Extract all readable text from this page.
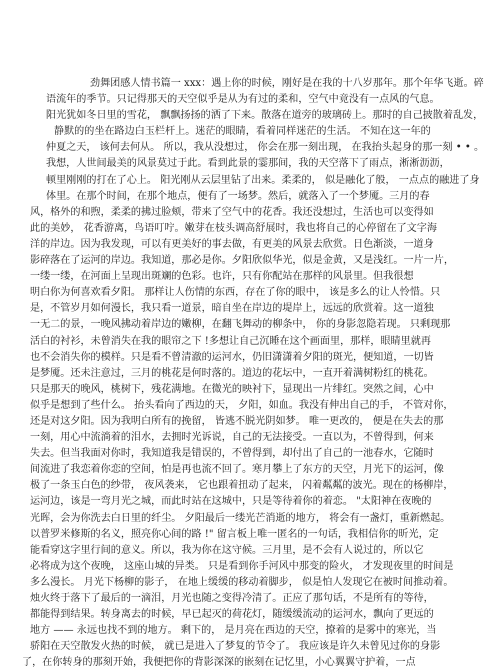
劲舞团感人情书篇一 xxx：遇上你的时候，刚好是在我的十八岁那年。那个年华飞逝。碎
语流年的季节。只记得那天的天空似乎是从为有过的柔和，空气中竟没有一点风的气息。
阳光犹如冬日里的雪花， 飘飘扬扬的洒了下来。散落在道旁的玻璃砖上。那时的自己披散着乱发，
静默的的坐在路边白玉栏杆上。迷茫的眼睛，看着同样迷茫的生活。 不知在这一年的
仲夏之天， 该何去何从。 所以，我从没想过， 你会在那一刻出现， 在我抬头起身的那一刻 • • 。
我想，人世间最美的风景莫过于此。看到此景的霎那间，我的天空落下了雨点，淅淅沥沥，
顿里刚刚的打在了心上。 阳光刚从云层里钻了出来。柔柔的， 似是融化了般， 一点点的融进了身
体里。在那个时间，在那个地点，便有了一场梦。然后，就落入了一个梦魇。三月的春
风，格外的和煦，柔柔的拂过脸颊，带来了空气中的花香。我还没想过，生活也可以变得如
此的美妙， 花香游离，鸟语叮咛。嫩芽在枝头调高舒展时，我也将自己的心停留在了文字海
洋的岸边。因为我发现，可以有更美好的事去做，有更美的风景去欣赏。日色渐淡，一道身
影碎落在了运河的岸边。我知道，那必是你。夕阳欣似华光，似是金黄，又是浅红。一片一片，
一缕一缕，在河面上呈现出斑斓的色彩。也许，只有你配站在那样的风景里。但我很想
明白你为何喜欢看夕阳。 那样让人伤情的东西，存在了你的眼中， 该是多么的让人怜惜。只
是，不管岁月如何漫长，我只看一道景，暗自坐在岸边的堤岸上，远远的欣赏着。这一道独
一无二的景，一晚风拂动着岸边的嫩柳，在翻飞舞动的柳条中， 你的身影忽隐若现。 只剩现那
活白的衬衫，未曾消失在我的眼帘之下 !多想让自己沉睡在这个画面里，那样，眼睛里就再
也不会消失你的模样。只是看不曾清澈的运河水，仍旧潇潇着夕阳的斑光，便知道，一切皆
是梦魇。还未注意过，三月的桃花是何时落的。道边的花坛中，一直开着满树粉红的桃花。
只是那天的晚风，桃树下，残花满地。在微光的映衬下，显现出一片绯红。突然之间，心中
似乎是想到了些什么。 抬头看向了西边的天， 夕阳，如血。我没有伸出自己的手， 不管对你，
还是对这夕阳。因为我明白所有的挽留， 皆逃不脱光阴如梦。 唯一更改的， 便是在失去的那
一刻，用心中流淌着的泪水，去拥时光诉说，自己的无法接受。一直以为，不曾得到，何来
失去。但当我面对你时，我知道我是错误的，不曾得到，却付出了自己的一池春水，它随时
间流进了我恋着你恋的空间，怕是再也流不回了。寒月攀上了东方的天空，月光下的运河，像
极了一条玉白色的纱带， 夜风袭来， 它也跟着扭动了起来， 闪着粼粼的波光。现在的杨柳岸，
运河边，该是一弯月光之城，而此时站在这城中，只是等待着你的着恋。 "太阳神在夜晚的
光晖，会为你洗去白日里的纤尘。 夕阳最后一缕光芒消逝的地方， 将会有一盏灯，重新燃起。
以普罗米修斯的名义，照亮你心间的路 !" 留言板上唯一匿名的一句话，我相信你的昕光，定
能看穿这字里行间的意义。所以，我为你在这守候。三月里，是不会有人说过的，所以它
必将成为这个夜晚， 这座山城的异类。 只是看到你手河风中那变的险火， 才发现夜里的时间是
多么漫长。 月光下杨柳的影子， 在地上缓缓的移动着脚步， 似是怕人发现它在被时间推动着。
烛火终于落下了最后的一滴泪，月光也随之变得冷清了。正应了那句话，不是所有的等待，
都能得到结果。转身离去的时候，早已起灭的荷花灯，随缓缓流动的运河水，飘向了更远的
地方 —— 永远也找不到的地方。 剩下的， 是月亮在西边的天空，撩着的是雾中的寒光，当
骄阳在天空散发火热的时候， 就已是进入了梦复的节令了。 我应该是许久未曾见过你的身影
了，在你转身的那刻开始，我便把你的背影深深的嵌刻在记忆里，小心翼翼守护着，一点
